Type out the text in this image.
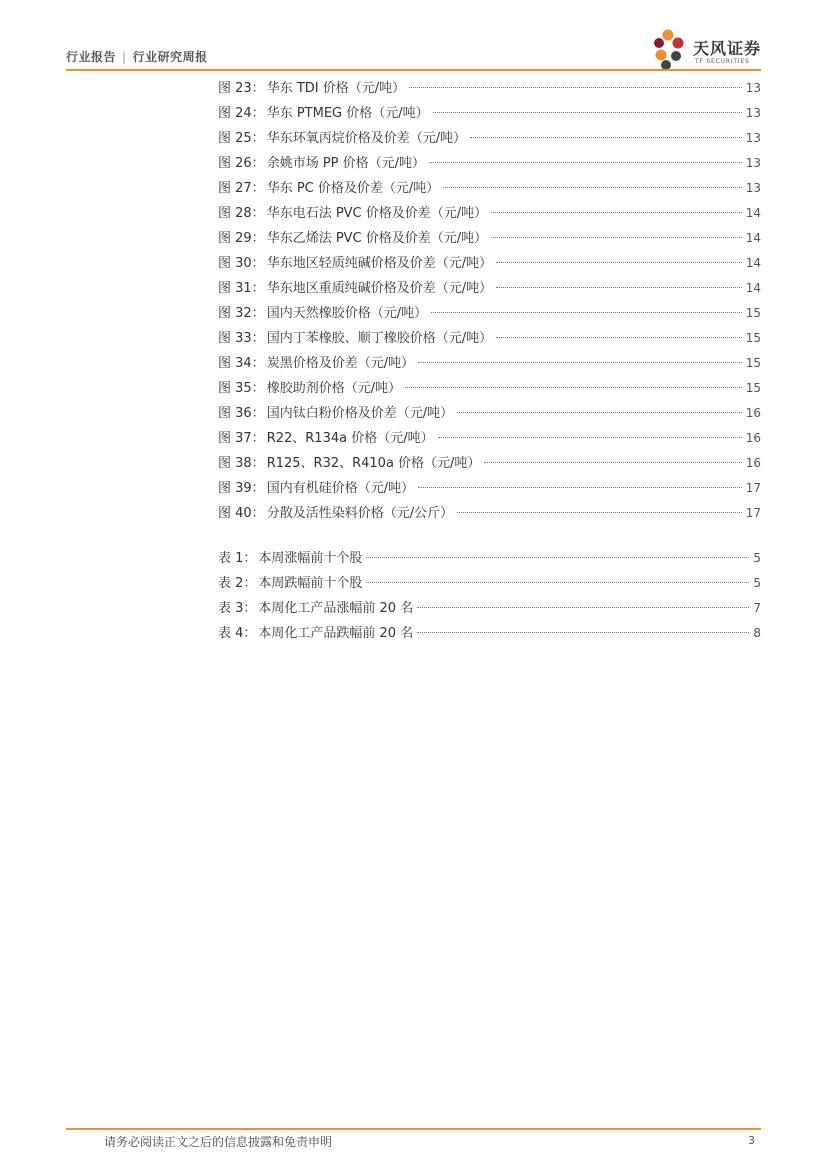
行业报告 | 行业研究周报	天风证券
TF SECURITIES
图 23： 华东 TDI 价格（元/吨）	13
图 24： 华东 PTMEG 价格（元/吨）	13
图 25： 华东环氧丙烷价格及价差（元/吨）	13
图 26： 余姚市场 PP 价格（元/吨）	13
图 27： 华东 PC 价格及价差（元/吨）	13
图 28： 华东电石法 PVC 价格及价差（元/吨）	14
图 29： 华东乙烯法 PVC 价格及价差（元/吨）	14
图 30： 华东地区轻质纯碱价格及价差（元/吨）	14
图 31： 华东地区重质纯碱价格及价差（元/吨）	14
图 32： 国内天然橡胶价格（元/吨）	15
图 33： 国内丁苯橡胶、顺丁橡胶价格（元/吨）	15
图 34： 炭黑价格及价差（元/吨）	15
图 35： 橡胶助剂价格（元/吨）	15
图 36： 国内钛白粉价格及价差（元/吨）	16
图 37： R22、R134a 价格（元/吨）	16
图 38： R125、R32、R410a 价格（元/吨）	16
图 39： 国内有机硅价格（元/吨）	17
图 40： 分散及活性染料价格（元/公斤）	17
表 1： 本周涨幅前十个股	5
表 2： 本周跌幅前十个股	5
表 3： 本周化工产品涨幅前 20 名	7
表 4： 本周化工产品跌幅前 20 名	8
请务必阅读正文之后的信息披露和免责申明	3
